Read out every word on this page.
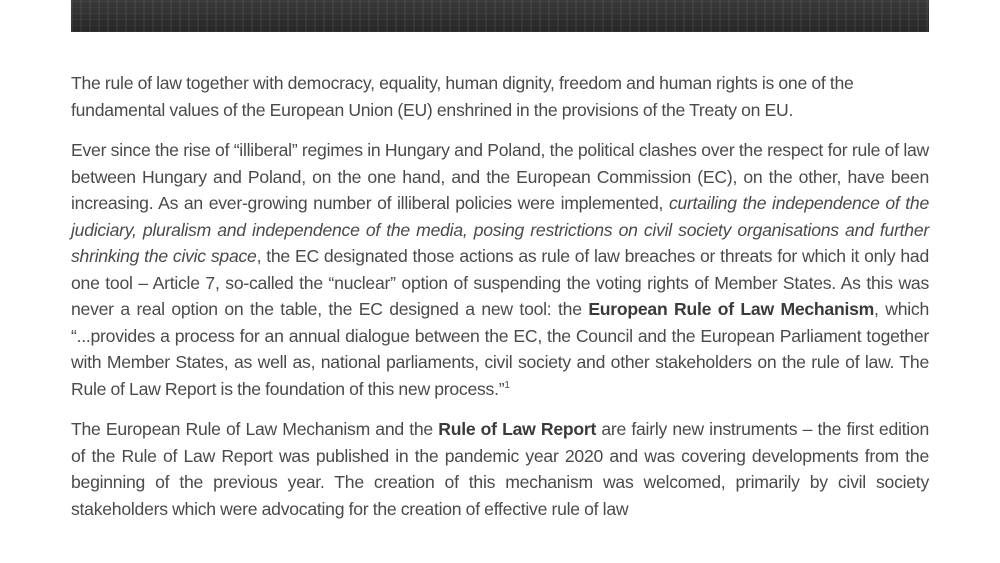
The rule of law together with democracy, equality, human dignity, freedom and human rights is one of the fundamental values of the European Union (EU) enshrined in the provisions of the Treaty on EU.

Ever since the rise of “illiberal” regimes in Hungary and Poland, the political clashes over the respect for rule of law between Hungary and Poland, on the one hand, and the European Commission (EC), on the other, have been increasing. As an ever-growing number of illiberal policies were implemented, curtailing the independence of the judiciary, pluralism and independence of the media, posing restrictions on civil society organisations and further shrinking the civic space, the EC designated those actions as rule of law breaches or threats for which it only had one tool – Article 7, so-called the “nuclear” option of suspending the voting rights of Member States. As this was never a real option on the table, the EC designed a new tool: the European Rule of Law Mechanism, which “...provides a process for an annual dialogue between the EC, the Council and the European Parliament together with Member States, as well as, national parliaments, civil society and other stakeholders on the rule of law. The Rule of Law Report is the foundation of this new process.”$^1$

The European Rule of Law Mechanism and the Rule of Law Report are fairly new instruments – the first edition of the Rule of Law Report was published in the pandemic year 2020 and was covering developments from the beginning of the previous year. The creation of this mechanism was welcomed, primarily by civil society stakeholders which were advocating for the creation of effective rule of law
